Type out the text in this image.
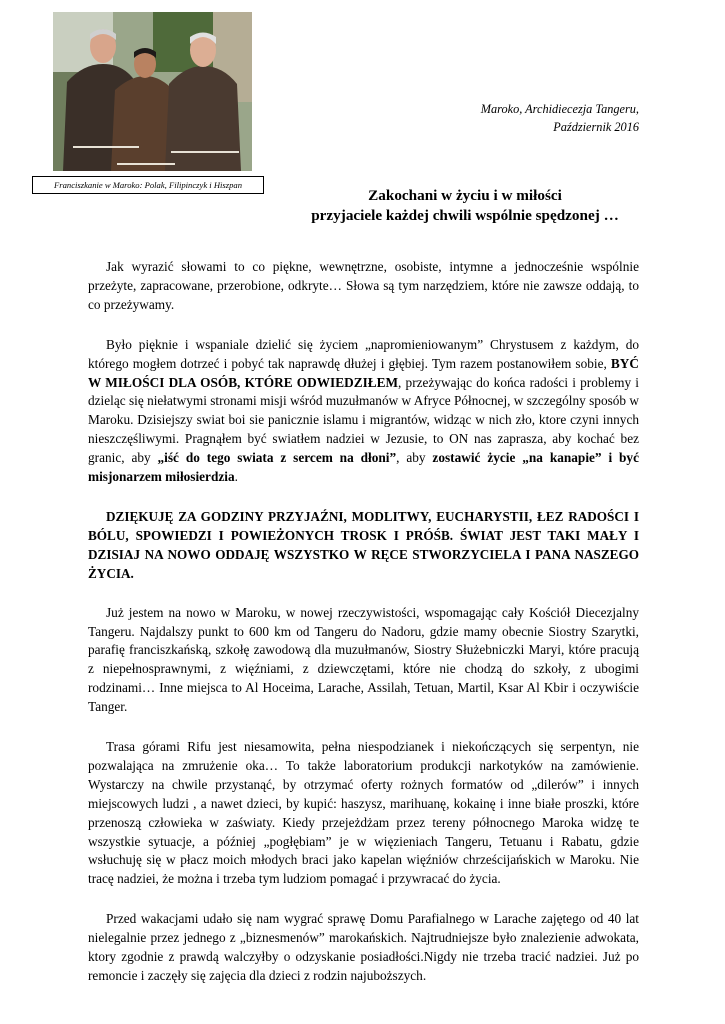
Franciszkanie w Maroko: Polak, Filipinczyk i Hiszpan
Maroko, Archidiecezja Tangeru,
Październik 2016
Zakochani w życiu i w miłości
przyjaciele każdej chwili wspólnie spędzonej …

Jak wyrazić słowami to co piękne, wewnętrzne, osobiste, intymne a jednocześnie wspólnie przeżyte, zapracowane, przerobione, odkryte… Słowa są tym narzędziem, które nie zawsze oddają, to co przeżywamy.

Było pięknie i wspaniale dzielić się życiem „napromieniowanym” Chrystusem z każdym, do którego mogłem dotrzeć i pobyć tak naprawdę dłużej i głębiej. Tym razem postanowiłem sobie, BYĆ W MIŁOŚCI DLA OSÓB, KTÓRE ODWIEDZIŁEM, przeżywając do końca radości i problemy i dzieląc się niełatwymi stronami misji wśród muzułmanów w Afryce Północnej, w szczególny sposób w Maroku. Dzisiejszy swiat boi sie panicznie islamu i migrantów, widząc w nich zło, ktore czyni innych nieszczęśliwymi. Pragnąłem być swiatłem nadziei w Jezusie, to ON nas zaprasza, aby kochać bez granic, aby „iść do tego swiata z sercem na dłoni”, aby zostawić życie „na kanapie” i być misjonarzem miłosierdzia.

DZIĘKUJĘ ZA GODZINY PRZYJAŹNI, MODLITWY, EUCHARYSTII, ŁEZ RADOŚCI I BÓLU, SPOWIEDZI I POWIEŻONYCH TROSK I PRÓŚB. ŚWIAT JEST TAKI MAŁY I DZISIAJ NA NOWO ODDAJĘ WSZYSTKO W RĘCE STWORZYCIELA I PANA NASZEGO ŻYCIA.

Już jestem na nowo w Maroku, w nowej rzeczywistości, wspomagając cały Kościół Diecezjalny Tangeru. Najdalszy punkt to 600 km od Tangeru do Nadoru, gdzie mamy obecnie Siostry Szarytki, parafię franciszkańską, szkołę zawodową dla muzułmanów, Siostry Służebniczki Maryi, które pracują z niepełnosprawnymi, z więźniami, z dziewczętami, które nie chodzą do szkoły, z ubogimi rodzinami… Inne miejsca to Al Hoceima, Larache, Assilah, Tetuan, Martil, Ksar Al Kbir i oczywiście Tanger.

Trasa górami Rifu jest niesamowita, pełna niespodzianek i niekończących się serpentyn, nie pozwalająca na zmrużenie oka… To także laboratorium produkcji narkotyków na zamówienie. Wystarczy na chwile przystanąć, by otrzymać oferty rożnych formatów od „dilerów” i innych miejscowych ludzi , a nawet dzieci, by kupić: haszysz, marihuanę, kokainę i inne białe proszki, które przenoszą człowieka w zaświaty. Kiedy przejeżdżam przez tereny północnego Maroka widzę te wszystkie sytuacje, a później „pogłębiam” je w więzieniach Tangeru, Tetuanu i Rabatu, gdzie wsłuchuję się w płacz moich młodych braci jako kapelan więźniów chrześcijańskich w Maroku. Nie tracę nadziei, że można i trzeba tym ludziom pomagać i przywracać do życia.

Przed wakacjami udało się nam wygrać sprawę Domu Parafialnego w Larache zajętego od 40 lat nielegalnie przez jednego z „biznesmenów” marokańskich. Najtrudniejsze było znalezienie adwokata, ktory zgodnie z prawdą walczyłby o odzyskanie posiadłości.Nigdy nie trzeba tracić nadziei. Już po remoncie i zaczęły się zajęcia dla dzieci z rodzin najuboższych.
